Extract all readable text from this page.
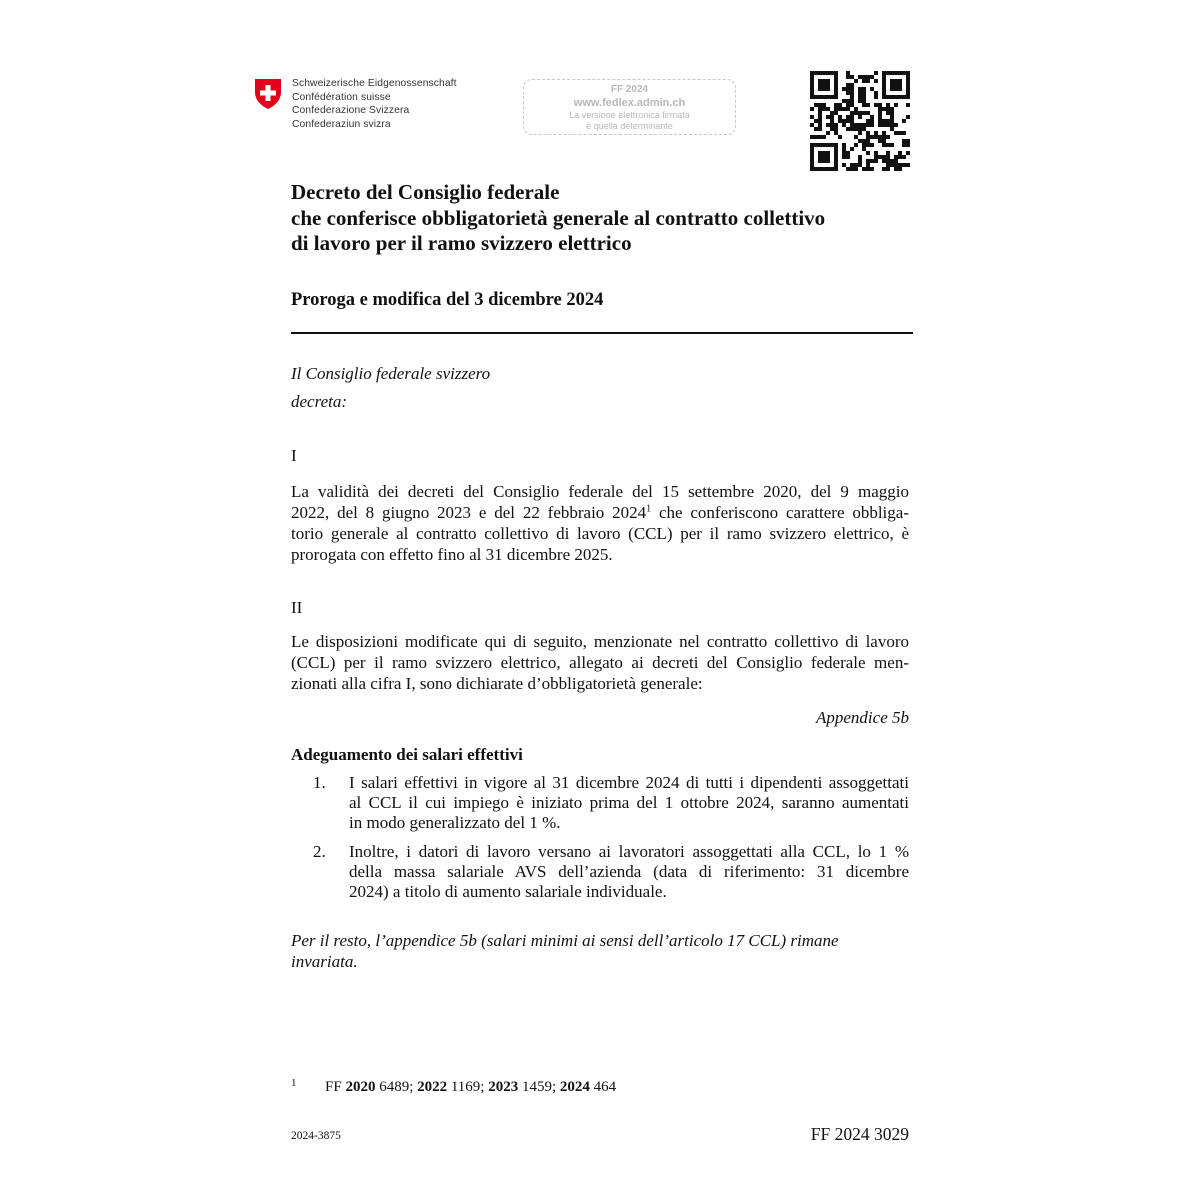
Schweizerische Eidgenossenschaft
Confédération suisse
Confederazione Svizzera
Confederaziun svizra
FF 2024
www.fedlex.admin.ch
La versione elettronica firmata
è quella determinante
Decreto del Consiglio federale
che conferisce obbligatorietà generale al contratto collettivo
di lavoro per il ramo svizzero elettrico
Proroga e modifica del 3 dicembre 2024
Il Consiglio federale svizzero
decreta:
I
La validità dei decreti del Consiglio federale del 15 settembre 2020, del 9 maggio
2022, del 8 giugno 2023 e del 22 febbraio 2024$^1$ che conferiscono carattere obbliga-
torio generale al contratto collettivo di lavoro (CCL) per il ramo svizzero elettrico, è
prorogata con effetto fino al 31 dicembre 2025.
II
Le disposizioni modificate qui di seguito, menzionate nel contratto collettivo di lavoro
(CCL) per il ramo svizzero elettrico, allegato ai decreti del Consiglio federale men-
zionati alla cifra I, sono dichiarate d’obbligatorietà generale:
Appendice 5b
Adeguamento dei salari effettivi
1. I salari effettivi in vigore al 31 dicembre 2024 di tutti i dipendenti assoggettati
al CCL il cui impiego è iniziato prima del 1 ottobre 2024, saranno aumentati
in modo generalizzato del 1 %.
2. Inoltre, i datori di lavoro versano ai lavoratori assoggettati alla CCL, lo 1 %
della massa salariale AVS dell’azienda (data di riferimento: 31 dicembre
2024) a titolo di aumento salariale individuale.
Per il resto, l’appendice 5b (salari minimi ai sensi dell’articolo 17 CCL) rimane
invariata.
1 FF 2020 6489; 2022 1169; 2023 1459; 2024 464
2024-3875	FF 2024 3029
